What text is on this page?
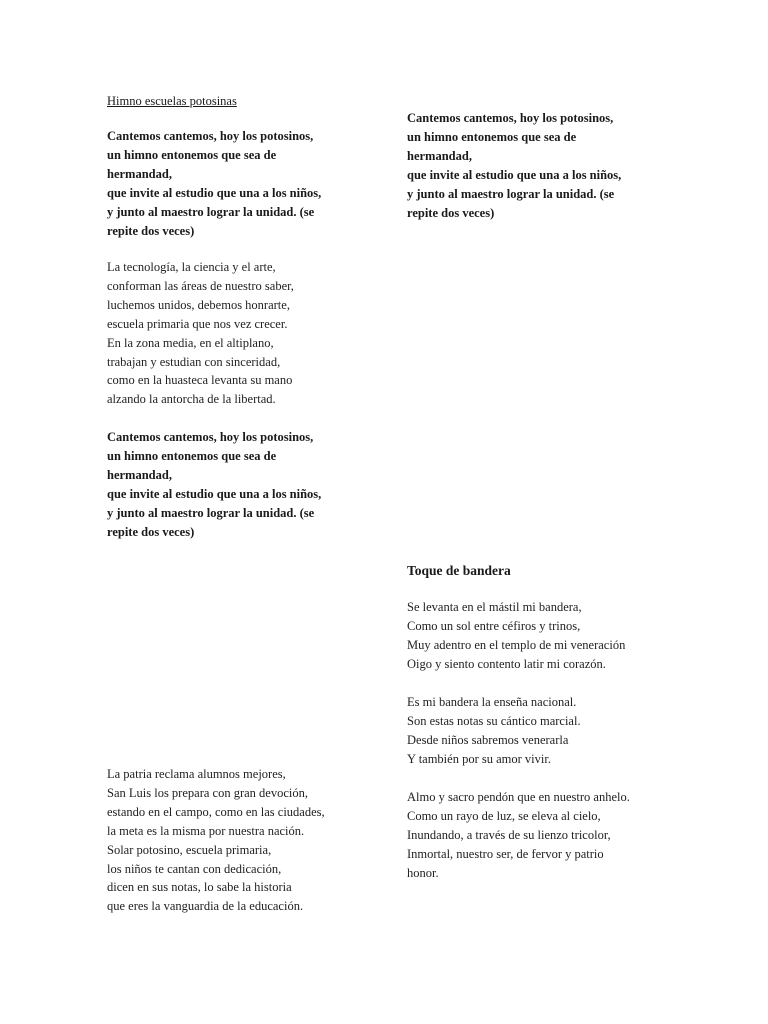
Himno escuelas potosinas
Cantemos cantemos, hoy los potosinos,
un himno entonemos que sea de
hermandad,
que invite al estudio que una a los niños,
y junto al maestro lograr la unidad. (se
repite dos veces)
La tecnología, la ciencia y el arte,
conforman las áreas de nuestro saber,
luchemos unidos, debemos honrarte,
escuela primaria que nos vez crecer.
En la zona media, en el altiplano,
trabajan y estudian con sinceridad,
como en la huasteca levanta su mano
alzando la antorcha de la libertad.
Cantemos cantemos, hoy los potosinos,
un himno entonemos que sea de
hermandad,
que invite al estudio que una a los niños,
y junto al maestro lograr la unidad. (se
repite dos veces)
La patria reclama alumnos mejores,
San Luis los prepara con gran devoción,
estando en el campo, como en las ciudades,
la meta es la misma por nuestra nación.
Solar potosino, escuela primaria,
los niños te cantan con dedicación,
dicen en sus notas, lo sabe la historia
que eres la vanguardia de la educación.
Cantemos cantemos, hoy los potosinos,
un himno entonemos que sea de
hermandad,
que invite al estudio que una a los niños,
y junto al maestro lograr la unidad. (se
repite dos veces)
Toque de bandera
Se levanta en el mástil mi bandera,
Como un sol entre céfiros y trinos,
Muy adentro en el templo de mi veneración
Oigo y siento contento latir mi corazón.
Es mi bandera la enseña nacional.
Son estas notas su cántico marcial.
Desde niños sabremos venerarla
Y también por su amor vivir.
Almo y sacro pendón que en nuestro anhelo.
Como un rayo de luz, se eleva al cielo,
Inundando, a través de su lienzo tricolor,
Inmortal, nuestro ser, de fervor y patrio
honor.
